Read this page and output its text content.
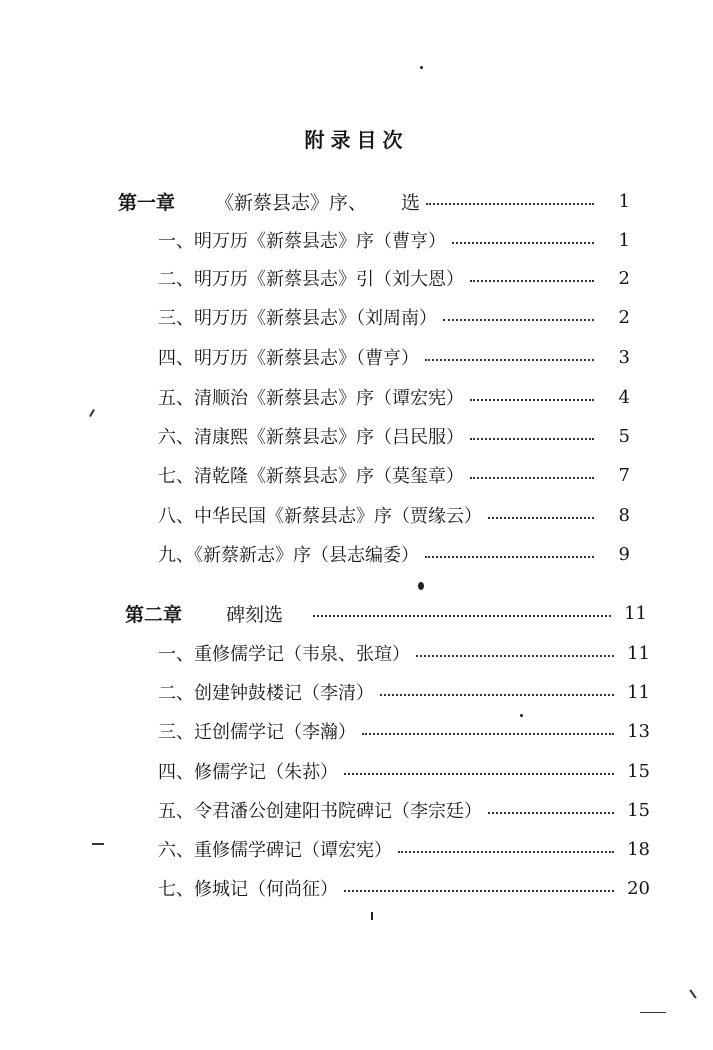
附录目次
第一章 《新蔡县志》序、 选	1
一、明万历《新蔡县志》序（曹亨）	1
二、明万历《新蔡县志》引（刘大恩）	2
三、明万历《新蔡县志》（刘周南）	2
四、明万历《新蔡县志》（曹亨）	3
五、清顺治《新蔡县志》序（谭宏宪）	4
六、清康熙《新蔡县志》序（吕民服）	5
七、清乾隆《新蔡县志》序（莫玺章）	7
八、中华民国《新蔡县志》序（贾缘云）	8
九、《新蔡新志》序（县志编委）	9
第二章 碑刻选	11
一、重修儒学记（韦泉、张瑄）	11
二、创建钟鼓楼记（李清）	11
三、迁创儒学记（李瀚）	13
四、修儒学记（朱荪）	15
五、令君潘公创建阳书院碑记（李宗廷）	15
六、重修儒学碑记（谭宏宪）	18
七、修城记（何尚征）	20
